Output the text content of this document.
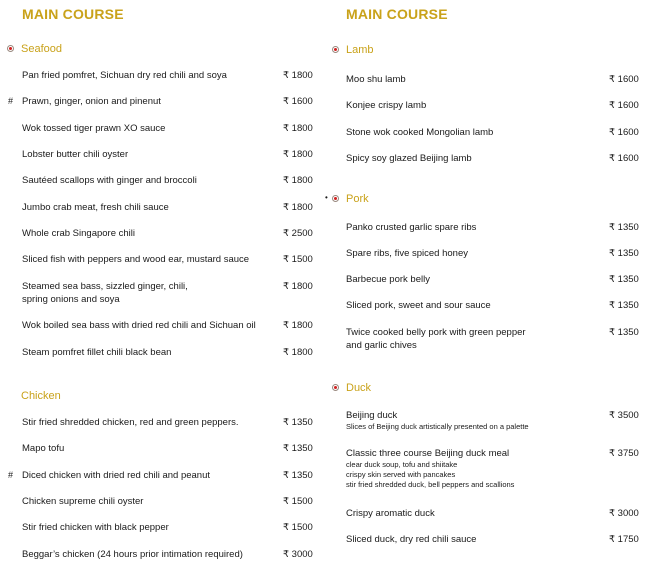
MAIN COURSE
Seafood
Pan fried pomfret, Sichuan dry red chili and soya	₹ 1800
# Prawn, ginger, onion and pinenut	₹ 1600
Wok tossed tiger prawn XO sauce	₹ 1800
Lobster butter chili oyster	₹ 1800
Sautéed scallops with ginger and broccoli	₹ 1800
Jumbo crab meat, fresh chili sauce	₹ 1800
Whole crab Singapore chili	₹ 2500
Sliced fish with peppers and wood ear, mustard sauce	₹ 1500
Steamed sea bass, sizzled ginger, chili,
spring onions and soya
₹ 1800
Wok boiled sea bass with dried red chili and Sichuan oil	₹ 1800
Steam pomfret fillet chili black bean	₹ 1800
Chicken
Stir fried shredded chicken, red and green peppers.	₹ 1350
Mapo tofu	₹ 1350
# Diced chicken with dried red chili and peanut	₹ 1350
Chicken supreme chili oyster	₹ 1500
Stir fried chicken with black pepper	₹ 1500
Beggar’s chicken (24 hours prior intimation required)	₹ 3000
MAIN COURSE
Lamb
Moo shu lamb	₹ 1600
Konjee crispy lamb	₹ 1600
Stone wok cooked Mongolian lamb	₹ 1600
Spicy soy glazed Beijing lamb	₹ 1600
• Pork
Panko crusted garlic spare ribs	₹ 1350
Spare ribs, five spiced honey	₹ 1350
Barbecue pork belly	₹ 1350
Sliced pork, sweet and sour sauce	₹ 1350
Twice cooked belly pork with green pepper
and garlic chives
₹ 1350
Duck
Beijing duck
Slices of Beijing duck artistically presented on a palette
₹ 3500
Classic three course Beijing duck meal
clear duck soup, tofu and shiitake
crispy skin served with pancakes
stir fried shredded duck, bell peppers and scallions
₹ 3750
Crispy aromatic duck	₹ 3000
Sliced duck, dry red chili sauce	₹ 1750
